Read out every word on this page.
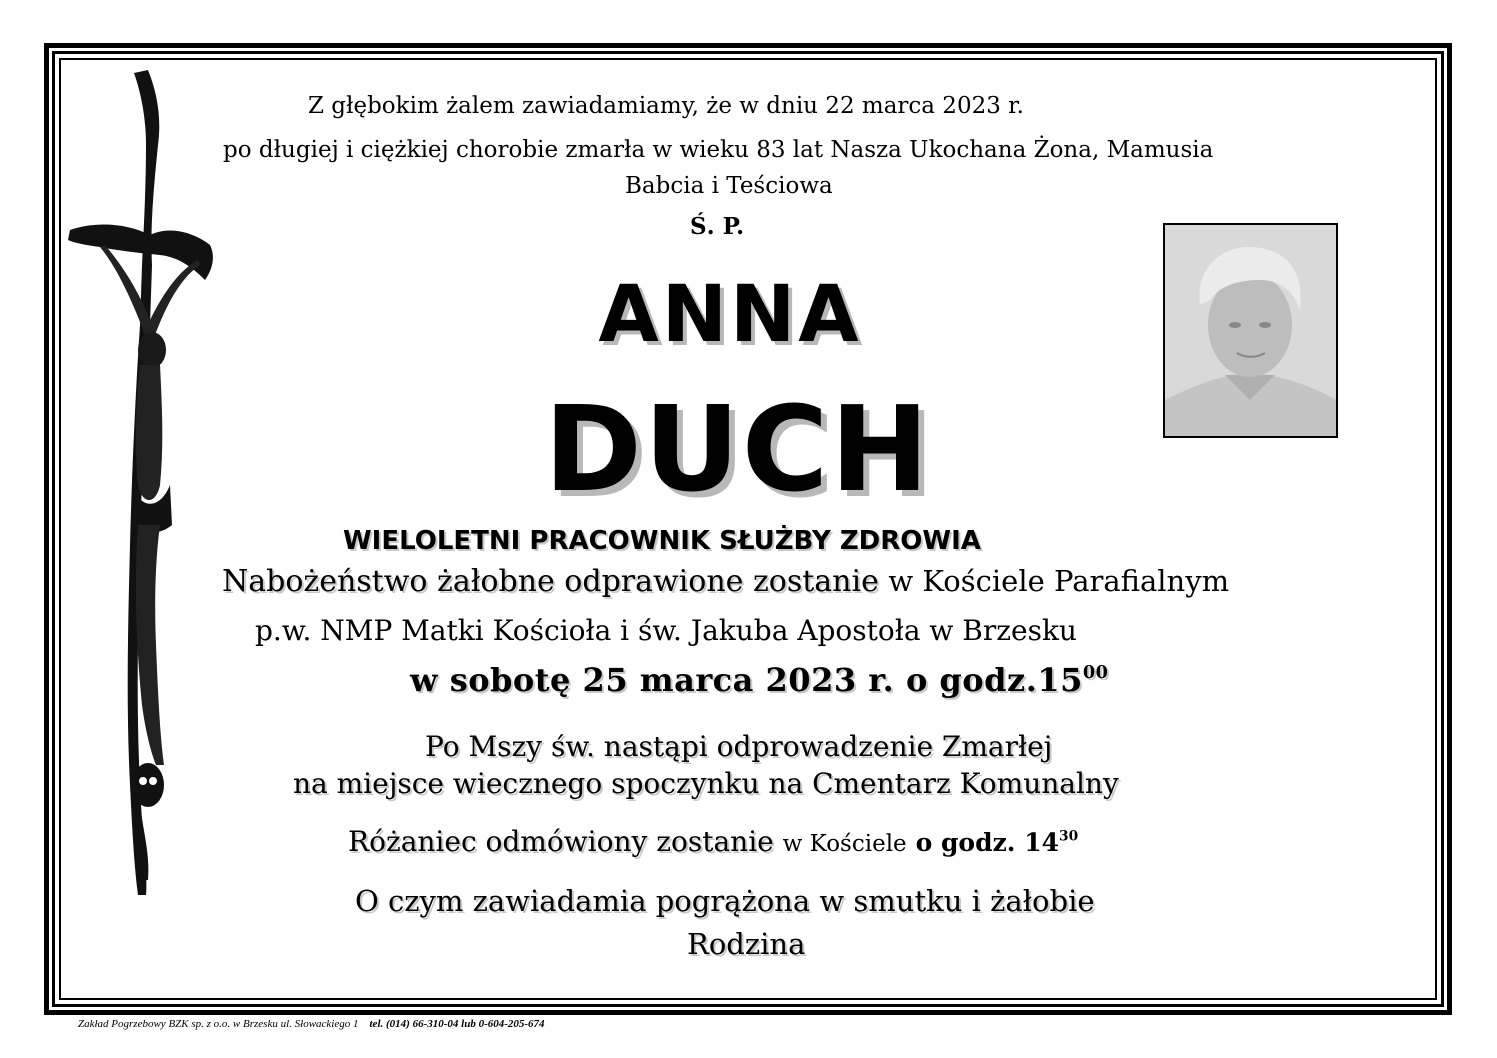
Z głębokim żalem zawiadamiamy, że w dniu 22 marca 2023 r.
po długiej i ciężkiej chorobie zmarła w wieku 83 lat Nasza Ukochana Żona, Mamusia
Babcia i Teściowa
Ś. P.
ANNA
DUCH
WIELOLETNI PRACOWNIK SŁUŻBY ZDROWIA
Nabożeństwo żałobne odprawione zostanie w Kościele Parafialnym
p.w. NMP Matki Kościoła i św. Jakuba Apostoła w Brzesku
w sobotę 25 marca 2023 r. o $godz.15^{00}$
Po Mszy św. nastąpi odprowadzenie Zmarłej
na miejsce wiecznego spoczynku na Cmentarz Komunalny
Różaniec odmówiony zostanie w Kościele o godz. $14^{30}$
O czym zawiadamia pogrążona w smutku i żałobie
Rodzina
Zakład Pogrzebowy BZK sp. z o.o. w Brzesku ul. Słowackiego 1 tel. (014) 66-310-04 lub 0-604-205-674
